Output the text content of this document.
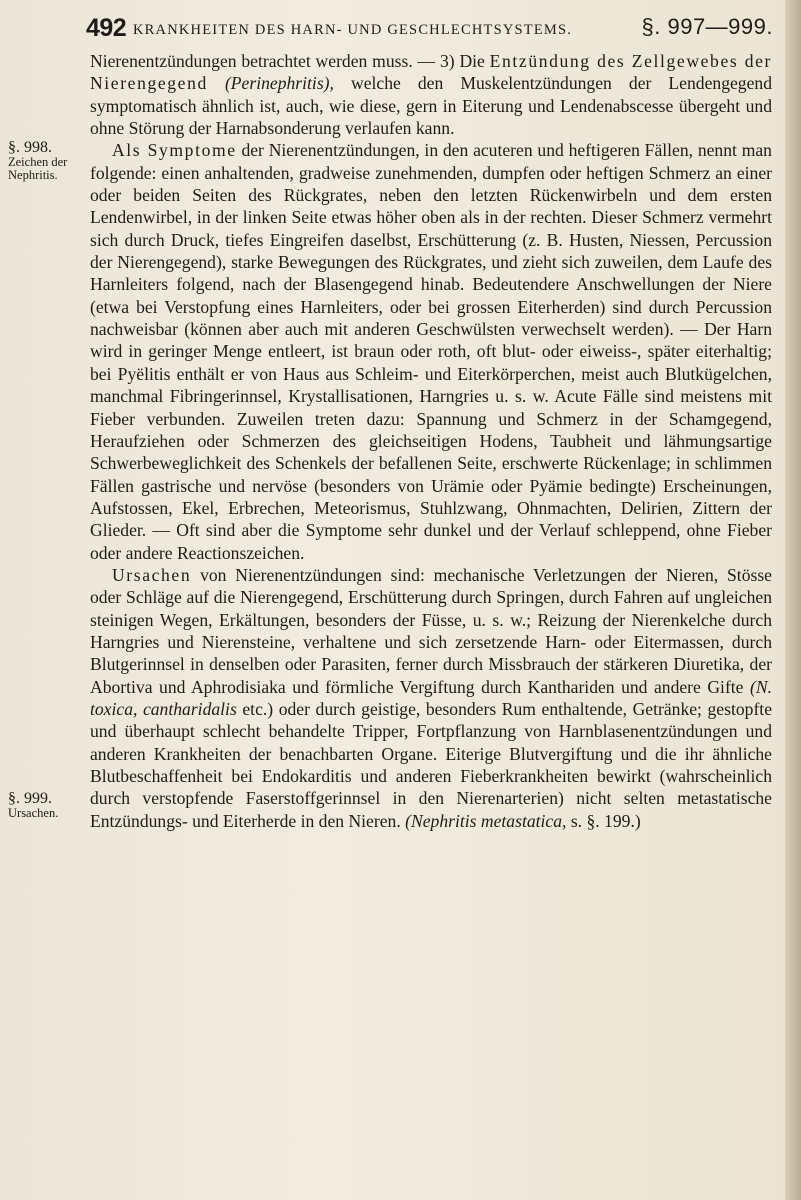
492 KRANKHEITEN DES HARN- UND GESCHLECHTSYSTEMS.	§. 997—999.
§. 998.
Zeichen der
Nephritis.
§. 999.
Ursachen.

Nierenentzündungen betrachtet werden muss. — 3) Die Entzündung des Zellgewebes der Nierengegend (Perinephritis), welche den Muskelentzündungen der Lendengegend symptomatisch ähnlich ist, auch, wie diese, gern in Eiterung und Lendenabscesse übergeht und ohne Störung der Harnabsonderung verlaufen kann.

Als Symptome der Nierenentzündungen, in den acuteren und heftigeren Fällen, nennt man folgende: einen anhaltenden, gradweise zunehmenden, dumpfen oder heftigen Schmerz an einer oder beiden Seiten des Rückgrates, neben den letzten Rückenwirbeln und dem ersten Lendenwirbel, in der linken Seite etwas höher oben als in der rechten. Dieser Schmerz vermehrt sich durch Druck, tiefes Eingreifen daselbst, Erschütterung (z. B. Husten, Niessen, Percussion der Nierengegend), starke Bewegungen des Rückgrates, und zieht sich zuweilen, dem Laufe des Harnleiters folgend, nach der Blasengegend hinab. Bedeutendere Anschwellungen der Niere (etwa bei Verstopfung eines Harnleiters, oder bei grossen Eiterherden) sind durch Percussion nachweisbar (können aber auch mit anderen Geschwülsten verwechselt werden). — Der Harn wird in geringer Menge entleert, ist braun oder roth, oft blut- oder eiweiss-, später eiterhaltig; bei Pyëlitis enthält er von Haus aus Schleim- und Eiterkörperchen, meist auch Blutkügelchen, manchmal Fibringerinnsel, Krystallisationen, Harngries u. s. w. Acute Fälle sind meistens mit Fieber verbunden. Zuweilen treten dazu: Spannung und Schmerz in der Schamgegend, Heraufziehen oder Schmerzen des gleichseitigen Hodens, Taubheit und lähmungsartige Schwerbeweglichkeit des Schenkels der befallenen Seite, erschwerte Rückenlage; in schlimmen Fällen gastrische und nervöse (besonders von Urämie oder Pyämie bedingte) Erscheinungen, Aufstossen, Ekel, Erbrechen, Meteorismus, Stuhlzwang, Ohnmachten, Delirien, Zittern der Glieder. — Oft sind aber die Symptome sehr dunkel und der Verlauf schleppend, ohne Fieber oder andere Reactionszeichen.

Ursachen von Nierenentzündungen sind: mechanische Verletzungen der Nieren, Stösse oder Schläge auf die Nierengegend, Erschütterung durch Springen, durch Fahren auf ungleichen steinigen Wegen, Erkältungen, besonders der Füsse, u. s. w.; Reizung der Nierenkelche durch Harngries und Nierensteine, verhaltene und sich zersetzende Harn- oder Eitermassen, durch Blutgerinnsel in denselben oder Parasiten, ferner durch Missbrauch der stärkeren Diuretika, der Abortiva und Aphrodisiaka und förmliche Vergiftung durch Kanthariden und andere Gifte (N. toxica, cantharidalis etc.) oder durch geistige, besonders Rum enthaltende, Getränke; gestopfte und überhaupt schlecht behandelte Tripper, Fortpflanzung von Harnblasenentzündungen und anderen Krankheiten der benachbarten Organe. Eiterige Blutvergiftung und die ihr ähnliche Blutbeschaffenheit bei Endokarditis und anderen Fieberkrankheiten bewirkt (wahrscheinlich durch verstopfende Faserstoffgerinnsel in den Nierenarterien) nicht selten metastatische Entzündungs- und Eiterherde in den Nieren. (Nephritis metastatica, s. §. 199.)
